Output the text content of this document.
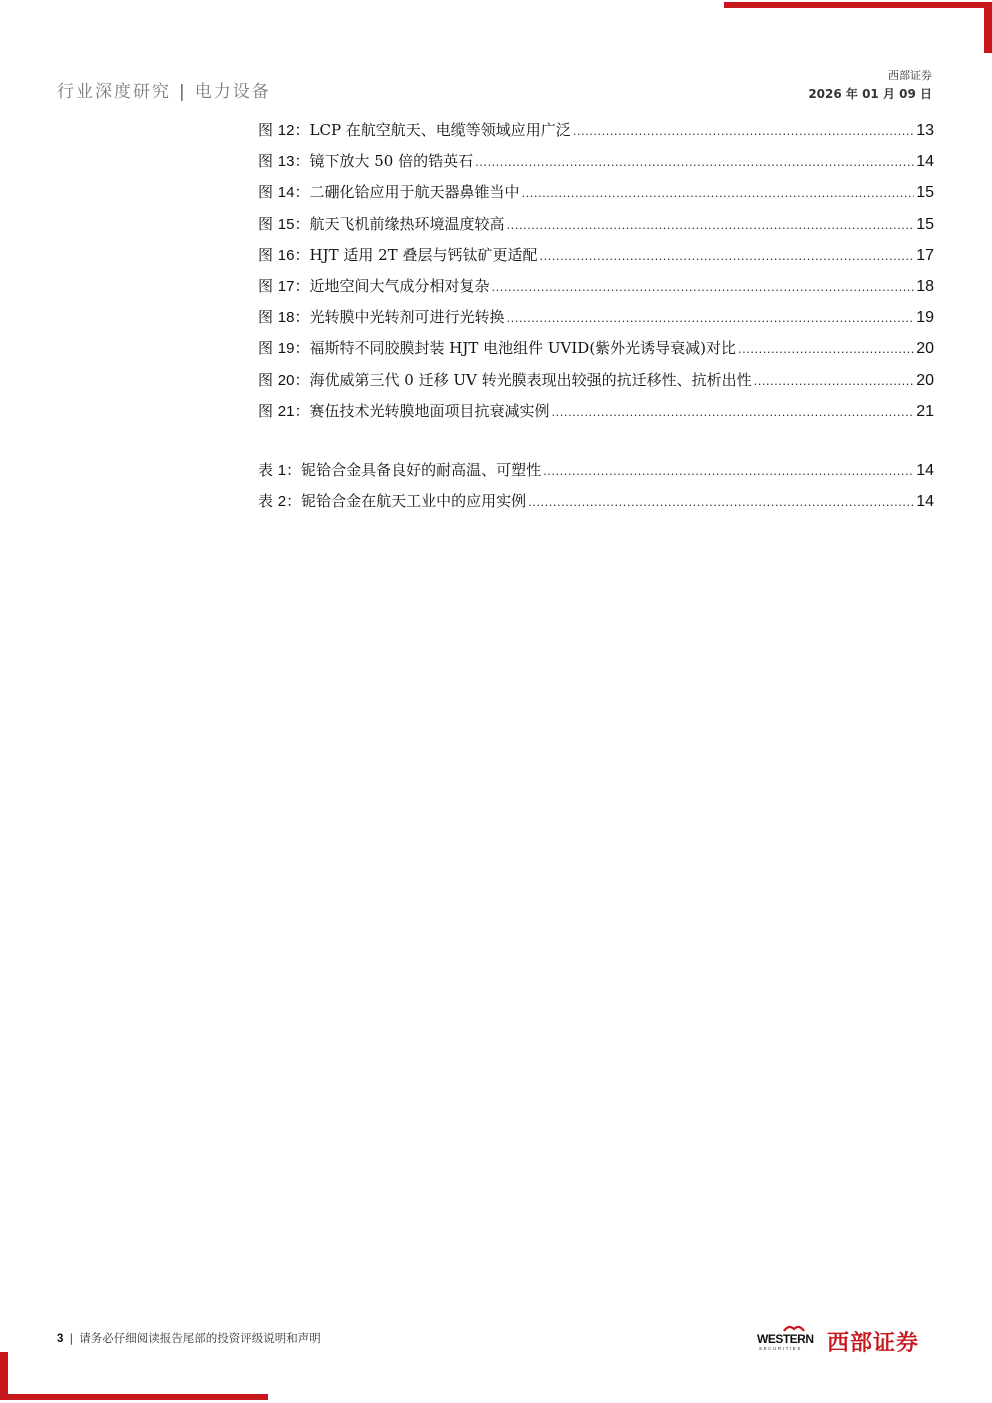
行业深度研究 | 电力设备
西部证券
2026 年 01 月 09 日
图 12： LCP 在航空航天、电缆等领域应用广泛 .....	13
图 13： 镜下放大 50 倍的锆英石 .....	14
图 14： 二硼化铪应用于航天器鼻锥当中 .....	15
图 15： 航天飞机前缘热环境温度较高 .....	15
图 16： HJT 适用 2T 叠层与钙钛矿更适配 .....	17
图 17： 近地空间大气成分相对复杂 .....	18
图 18： 光转膜中光转剂可进行光转换 .....	19
图 19： 福斯特不同胶膜封装 HJT 电池组件 UVID(紫外光诱导衰减)对比 .....	20
图 20： 海优威第三代 0 迁移 UV 转光膜表现出较强的抗迁移性、抗析出性 .....	20
图 21： 赛伍技术光转膜地面项目抗衰减实例 .....	21
表 1： 铌铪合金具备良好的耐高温、可塑性 .....	14
表 2： 铌铪合金在航天工业中的应用实例 .....	14
3 | 请务必仔细阅读报告尾部的投资评级说明和声明	WESTERN
SECURITIES 西部证券
